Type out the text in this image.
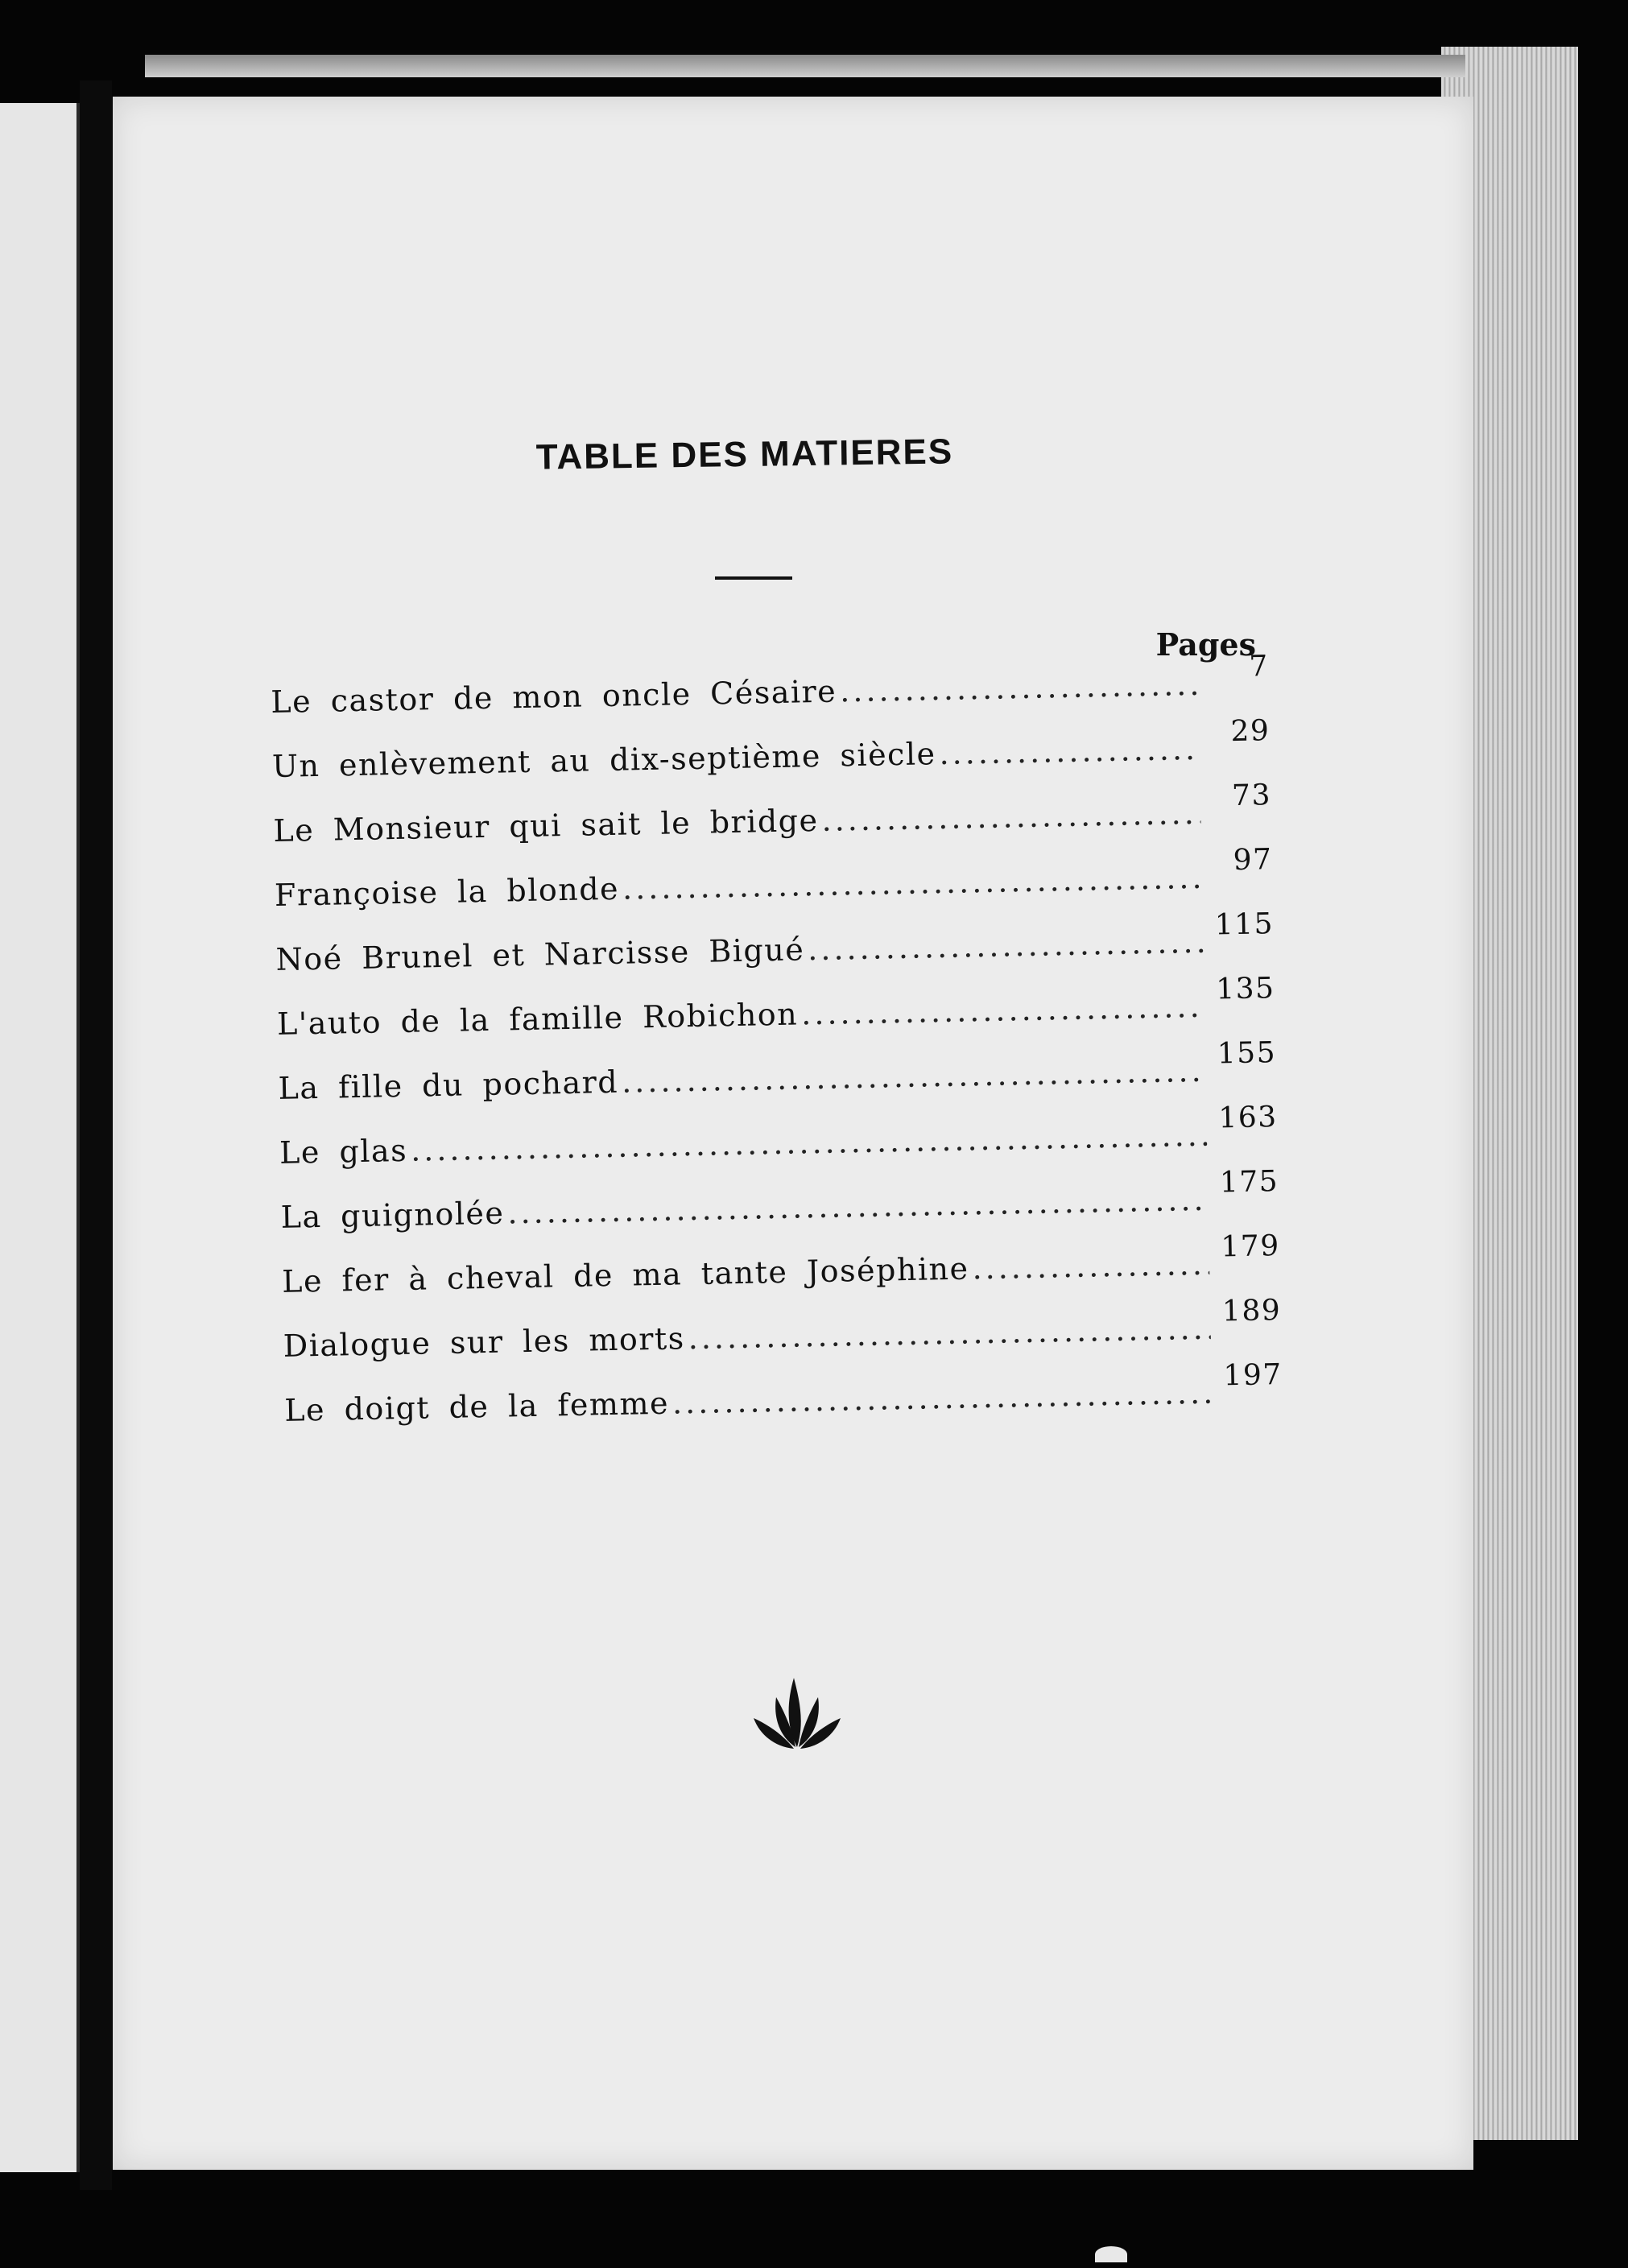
TABLE DES MATIERES
Pages
Le castor de mon oncle Césaire
.....
7
Un enlèvement au dix-septième siècle
.....
29
Le Monsieur qui sait le bridge
.....
73
Françoise la blonde
.....
97
Noé Brunel et Narcisse Bigué
.....
115
L'auto de la famille Robichon
.....
135
La fille du pochard
.....
155
Le glas
.....
163
La guignolée
.....
175
Le fer à cheval de ma tante Joséphine
.....
179
Dialogue sur les morts
.....
189
Le doigt de la femme
.....
197
